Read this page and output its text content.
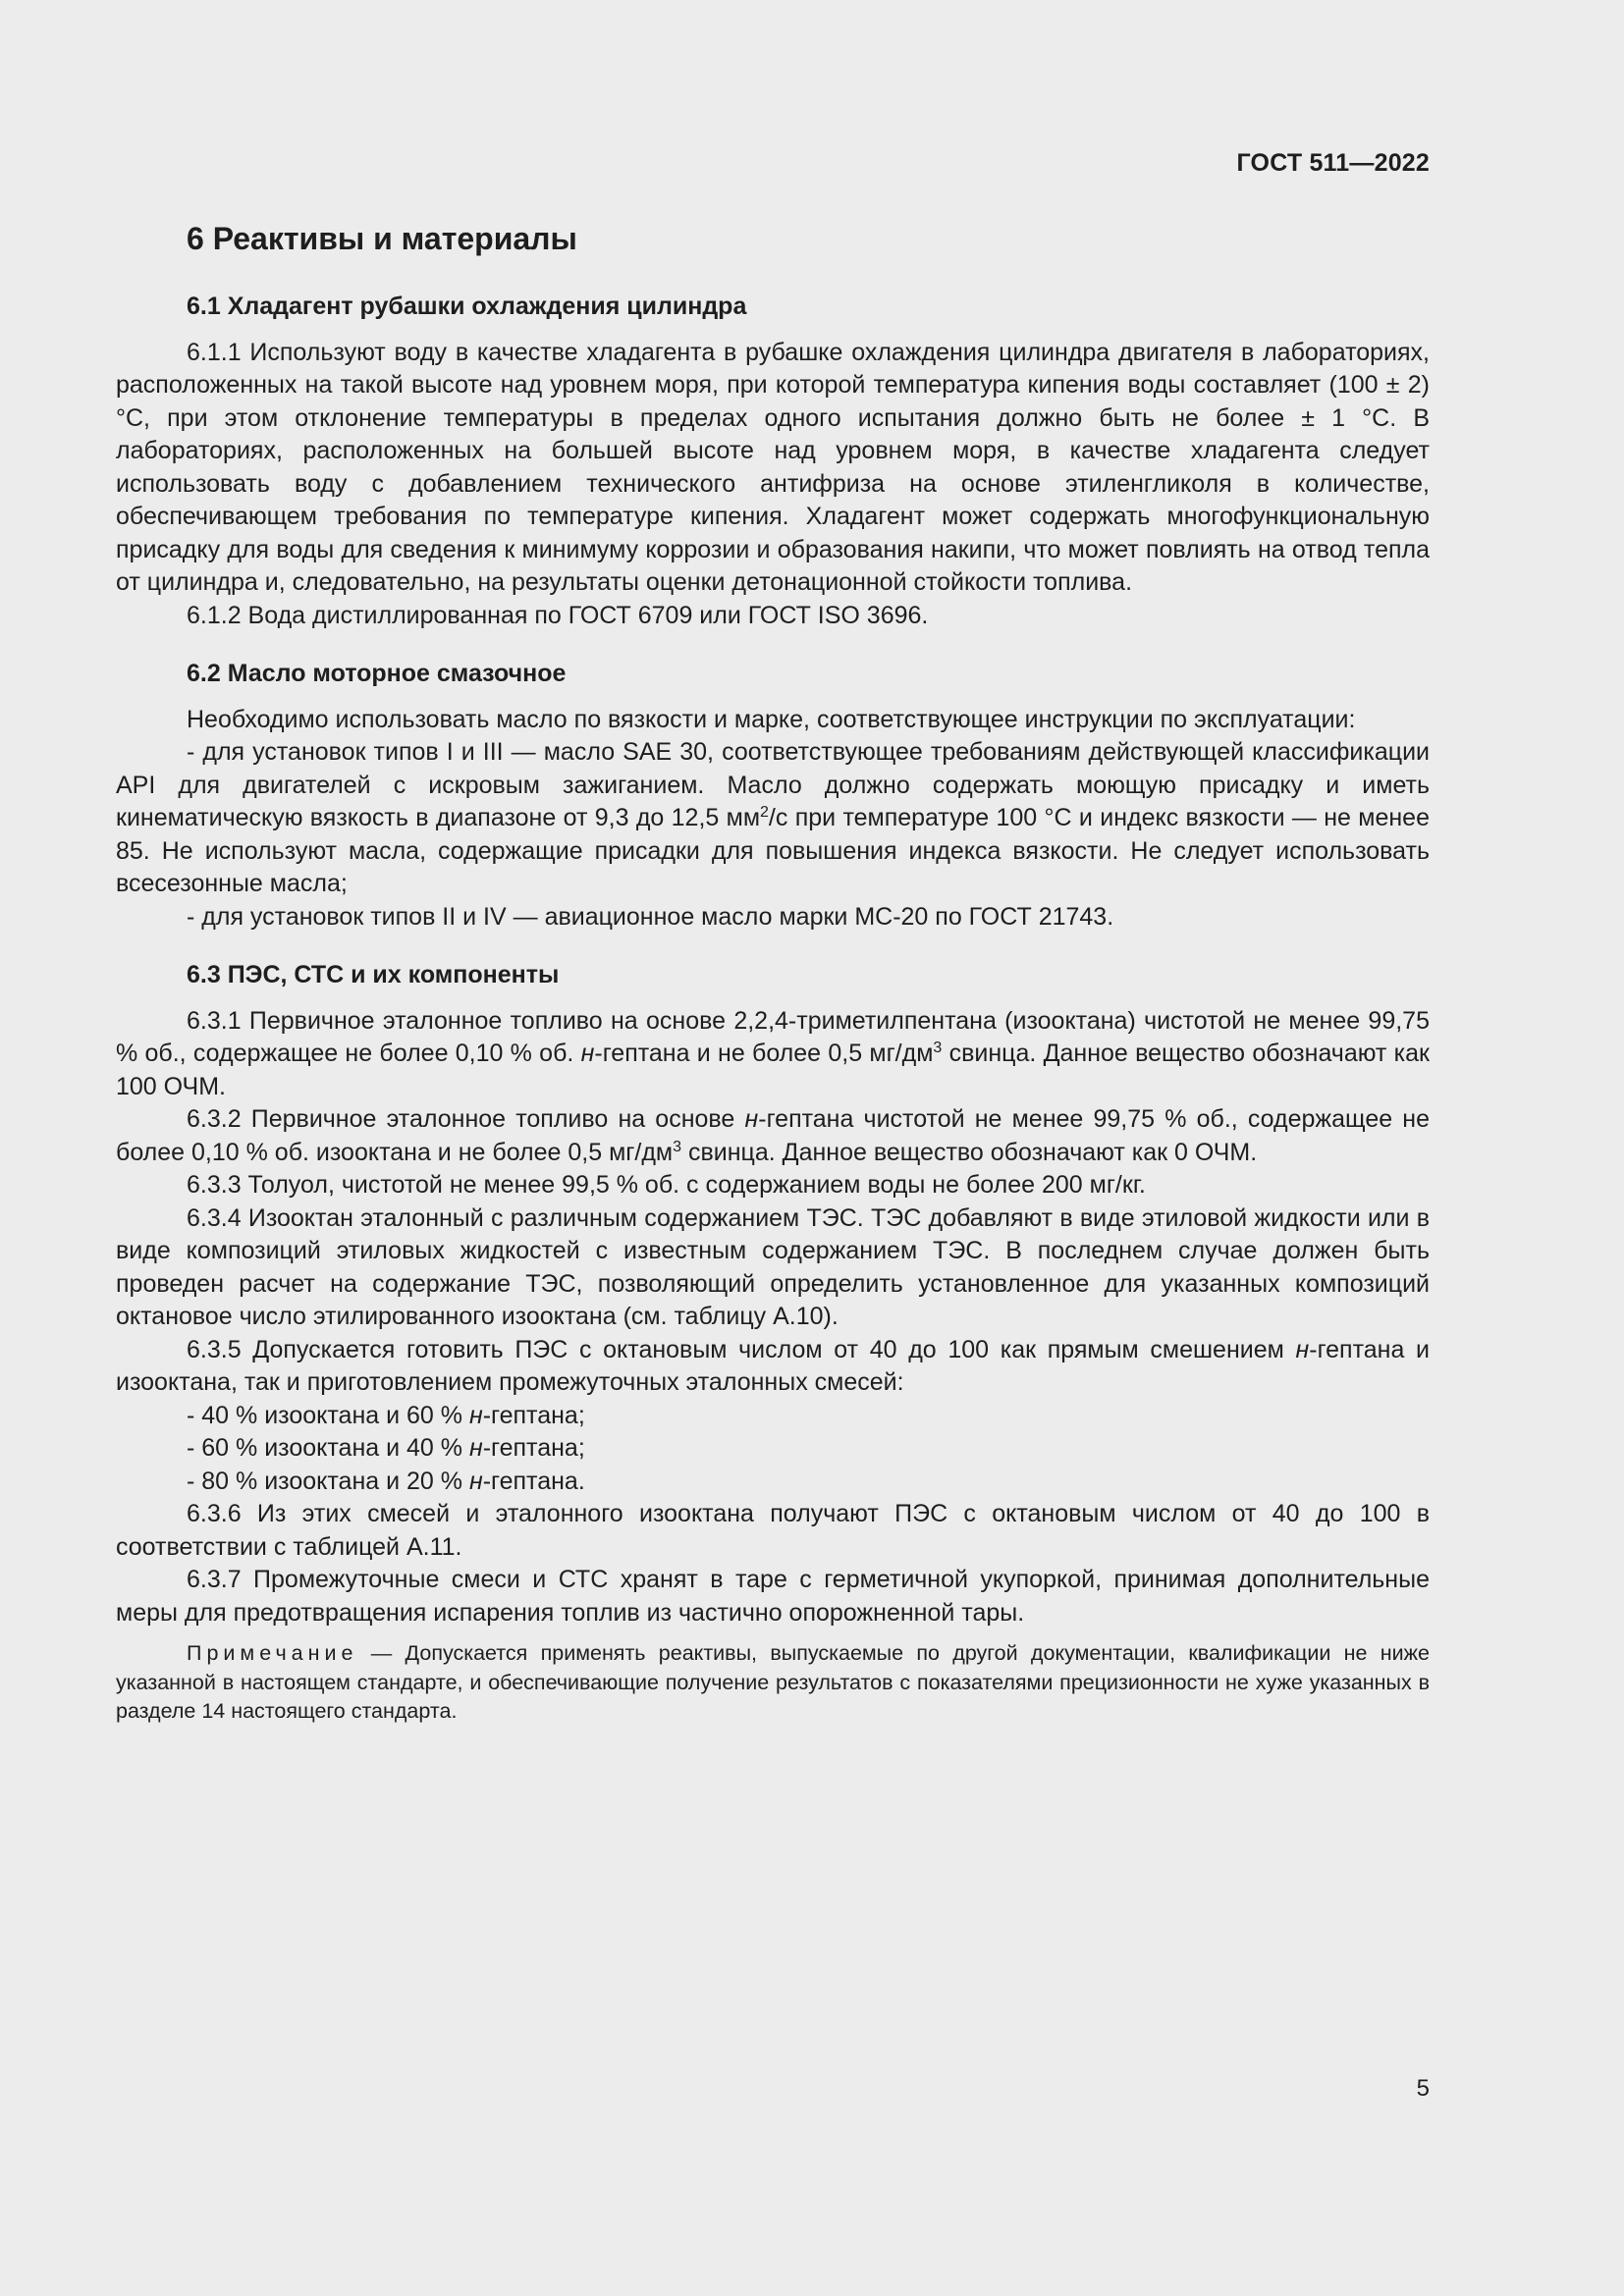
ГОСТ 511—2022
6 Реактивы и материалы
6.1 Хладагент рубашки охлаждения цилиндра

6.1.1 Используют воду в качестве хладагента в рубашке охлаждения цилиндра двигателя в лабораториях, расположенных на такой высоте над уровнем моря, при которой температура кипения воды составляет (100 ± 2) °С, при этом отклонение температуры в пределах одного испытания должно быть не более ± 1 °С. В лабораториях, расположенных на большей высоте над уровнем моря, в качестве хладагента следует использовать воду с добавлением технического антифриза на основе этиленгликоля в количестве, обеспечивающем требования по температуре кипения. Хладагент может содержать многофункциональную присадку для воды для сведения к минимуму коррозии и образования накипи, что может повлиять на отвод тепла от цилиндра и, следовательно, на результаты оценки детонационной стойкости топлива.

6.1.2 Вода дистиллированная по ГОСТ 6709 или ГОСТ ISO 3696.

6.2 Масло моторное смазочное

Необходимо использовать масло по вязкости и марке, соответствующее инструкции по эксплуатации:

- для установок типов I и III — масло SAE 30, соответствующее требованиям действующей классификации API для двигателей с искровым зажиганием. Масло должно содержать моющую присадку и иметь кинематическую вязкость в диапазоне от 9,3 до 12,5 $мм^2/с$ при температуре 100 °С и индекс вязкости — не менее 85. Не используют масла, содержащие присадки для повышения индекса вязкости. Не следует использовать всесезонные масла;

- для установок типов II и IV — авиационное масло марки МС-20 по ГОСТ 21743.

6.3 ПЭС, СТС и их компоненты

6.3.1 Первичное эталонное топливо на основе 2,2,4-триметилпентана (изооктана) чистотой не менее 99,75 % об., содержащее не более 0,10 % об. н-гептана и не более 0,5 $мг/дм^3$ свинца. Данное вещество обозначают как 100 ОЧМ.

6.3.2 Первичное эталонное топливо на основе н-гептана чистотой не менее 99,75 % об., содержащее не более 0,10 % об. изооктана и не более 0,5 $мг/дм^3$ свинца. Данное вещество обозначают как 0 ОЧМ.

6.3.3 Толуол, чистотой не менее 99,5 % об. с содержанием воды не более 200 мг/кг.

6.3.4 Изооктан эталонный с различным содержанием ТЭС. ТЭС добавляют в виде этиловой жидкости или в виде композиций этиловых жидкостей с известным содержанием ТЭС. В последнем случае должен быть проведен расчет на содержание ТЭС, позволяющий определить установленное для указанных композиций октановое число этилированного изооктана (см. таблицу А.10).

6.3.5 Допускается готовить ПЭС с октановым числом от 40 до 100 как прямым смешением н-гептана и изооктана, так и приготовлением промежуточных эталонных смесей:

- 40 % изооктана и 60 % н-гептана;

- 60 % изооктана и 40 % н-гептана;

- 80 % изооктана и 20 % н-гептана.

6.3.6 Из этих смесей и эталонного изооктана получают ПЭС с октановым числом от 40 до 100 в соответствии с таблицей А.11.

6.3.7 Промежуточные смеси и СТС хранят в таре с герметичной укупоркой, принимая дополнительные меры для предотвращения испарения топлив из частично опорожненной тары.

Примечание — Допускается применять реактивы, выпускаемые по другой документации, квалификации не ниже указанной в настоящем стандарте, и обеспечивающие получение результатов с показателями прецизионности не хуже указанных в разделе 14 настоящего стандарта.
5
